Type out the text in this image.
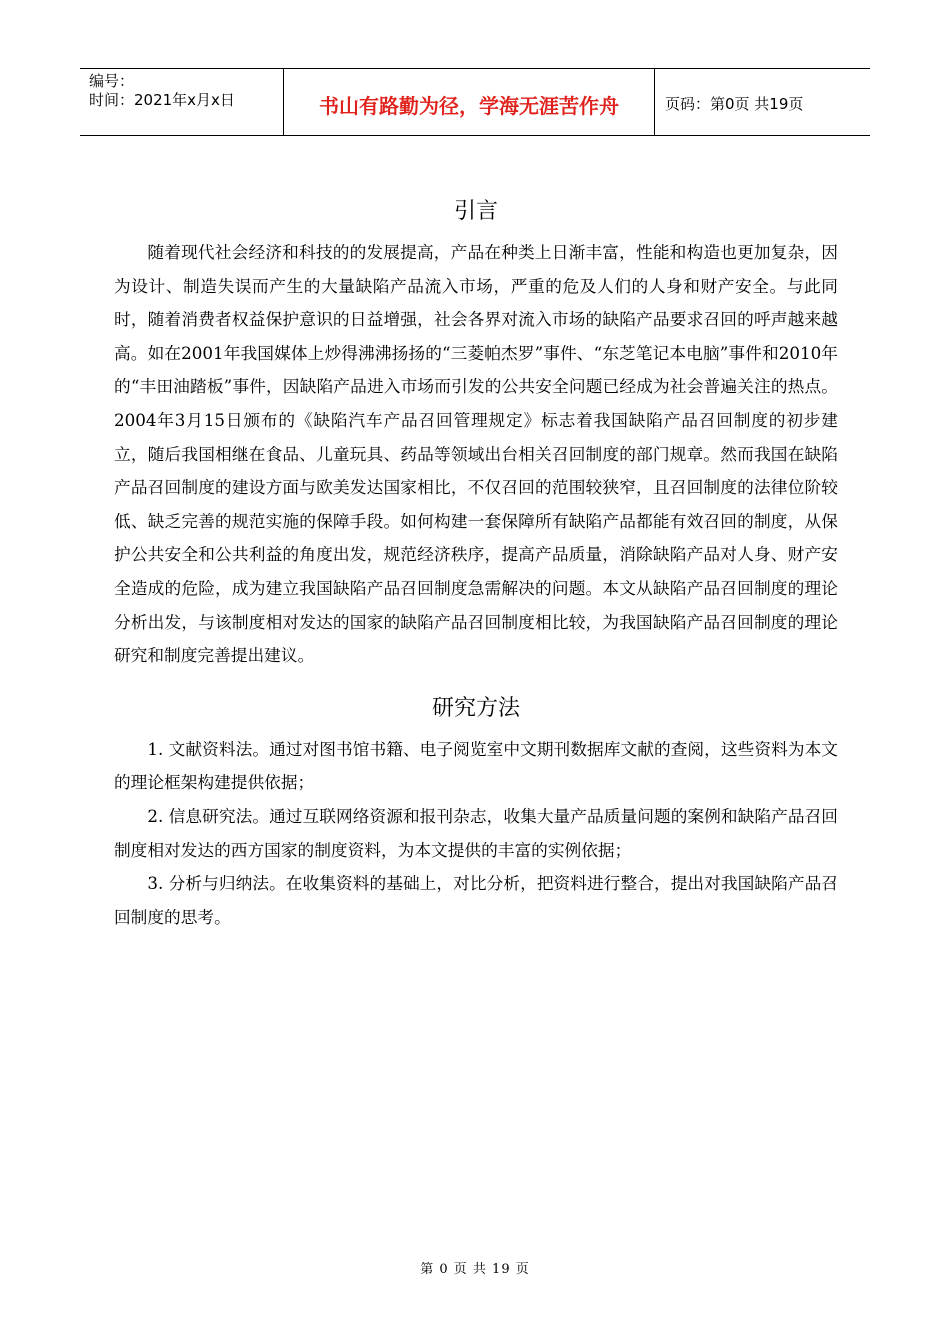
编号：
时间：2021年x月x日	书山有路勤为径，学海无涯苦作舟	页码：第0页 共19页
引言

随着现代社会经济和科技的的发展提高，产品在种类上日渐丰富，性能和构造也更加复杂，因为设计、制造失误而产生的大量缺陷产品流入市场，严重的危及人们的人身和财产安全。与此同时，随着消费者权益保护意识的日益增强，社会各界对流入市场的缺陷产品要求召回的呼声越来越高。如在2001年我国媒体上炒得沸沸扬扬的“三菱帕杰罗”事件、“东芝笔记本电脑”事件和2010年的“丰田油踏板”事件，因缺陷产品进入市场而引发的公共安全问题已经成为社会普遍关注的热点。2004年3月15日颁布的《缺陷汽车产品召回管理规定》标志着我国缺陷产品召回制度的初步建立，随后我国相继在食品、儿童玩具、药品等领域出台相关召回制度的部门规章。然而我国在缺陷产品召回制度的建设方面与欧美发达国家相比，不仅召回的范围较狭窄，且召回制度的法律位阶较低、缺乏完善的规范实施的保障手段。如何构建一套保障所有缺陷产品都能有效召回的制度，从保护公共安全和公共利益的角度出发，规范经济秩序，提高产品质量，消除缺陷产品对人身、财产安全造成的危险，成为建立我国缺陷产品召回制度急需解决的问题。本文从缺陷产品召回制度的理论分析出发，与该制度相对发达的国家的缺陷产品召回制度相比较，为我国缺陷产品召回制度的理论研究和制度完善提出建议。

研究方法

1. 文献资料法。通过对图书馆书籍、电子阅览室中文期刊数据库文献的查阅，这些资料为本文的理论框架构建提供依据；

2. 信息研究法。通过互联网络资源和报刊杂志，收集大量产品质量问题的案例和缺陷产品召回制度相对发达的西方国家的制度资料，为本文提供的丰富的实例依据；

3. 分析与归纳法。在收集资料的基础上，对比分析，把资料进行整合，提出对我国缺陷产品召回制度的思考。

第 0 页 共 19 页
